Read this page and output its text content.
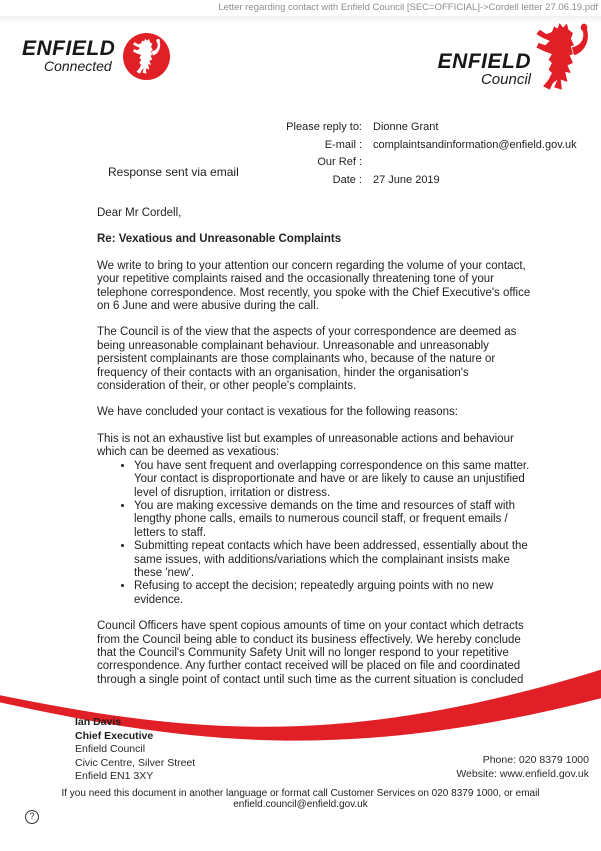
Letter regarding contact with Enfield Council [SEC=OFFICIAL]->Cordell letter 27.06.19.pdf
ENFIELD
Connected	ENFIELD
Council
Please reply to: Dionne Grant
E-mail : complaintsandinformation@enfield.gov.uk
Our Ref :
Date : 27 June 2019
Response sent via email

Dear Mr Cordell,

Re: Vexatious and Unreasonable Complaints

We write to bring to your attention our concern regarding the volume of your contact, your repetitive complaints raised and the occasionally threatening tone of your telephone correspondence. Most recently, you spoke with the Chief Executive's office on 6 June and were abusive during the call.

The Council is of the view that the aspects of your correspondence are deemed as being unreasonable complainant behaviour. Unreasonable and unreasonably persistent complainants are those complainants who, because of the nature or frequency of their contacts with an organisation, hinder the organisation's consideration of their, or other people's complaints.

We have concluded your contact is vexatious for the following reasons:

This is not an exhaustive list but examples of unreasonable actions and behaviour which can be deemed as vexatious:

• You have sent frequent and overlapping correspondence on this same matter. Your contact is disproportionate and have or are likely to cause an unjustified level of disruption, irritation or distress.
• You are making excessive demands on the time and resources of staff with lengthy phone calls, emails to numerous council staff, or frequent emails / letters to staff.
• Submitting repeat contacts which have been addressed, essentially about the same issues, with additions/variations which the complainant insists make these 'new'.
• Refusing to accept the decision; repeatedly arguing points with no new evidence.

Council Officers have spent copious amounts of time on your contact which detracts from the Council being able to conduct its business effectively. We hereby conclude that the Council's Community Safety Unit will no longer respond to your repetitive correspondence. Any further contact received will be placed on file and coordinated through a single point of contact until such time as the current situation is concluded

Ian Davis
Chief Executive
Enfield Council
Civic Centre, Silver Street
Enfield EN1 3XY
Phone: 020 8379 1000
Website: www.enfield.gov.uk
If you need this document in another language or format call Customer Services on 020 8379 1000, or email enfield.council@enfield.gov.uk
?
